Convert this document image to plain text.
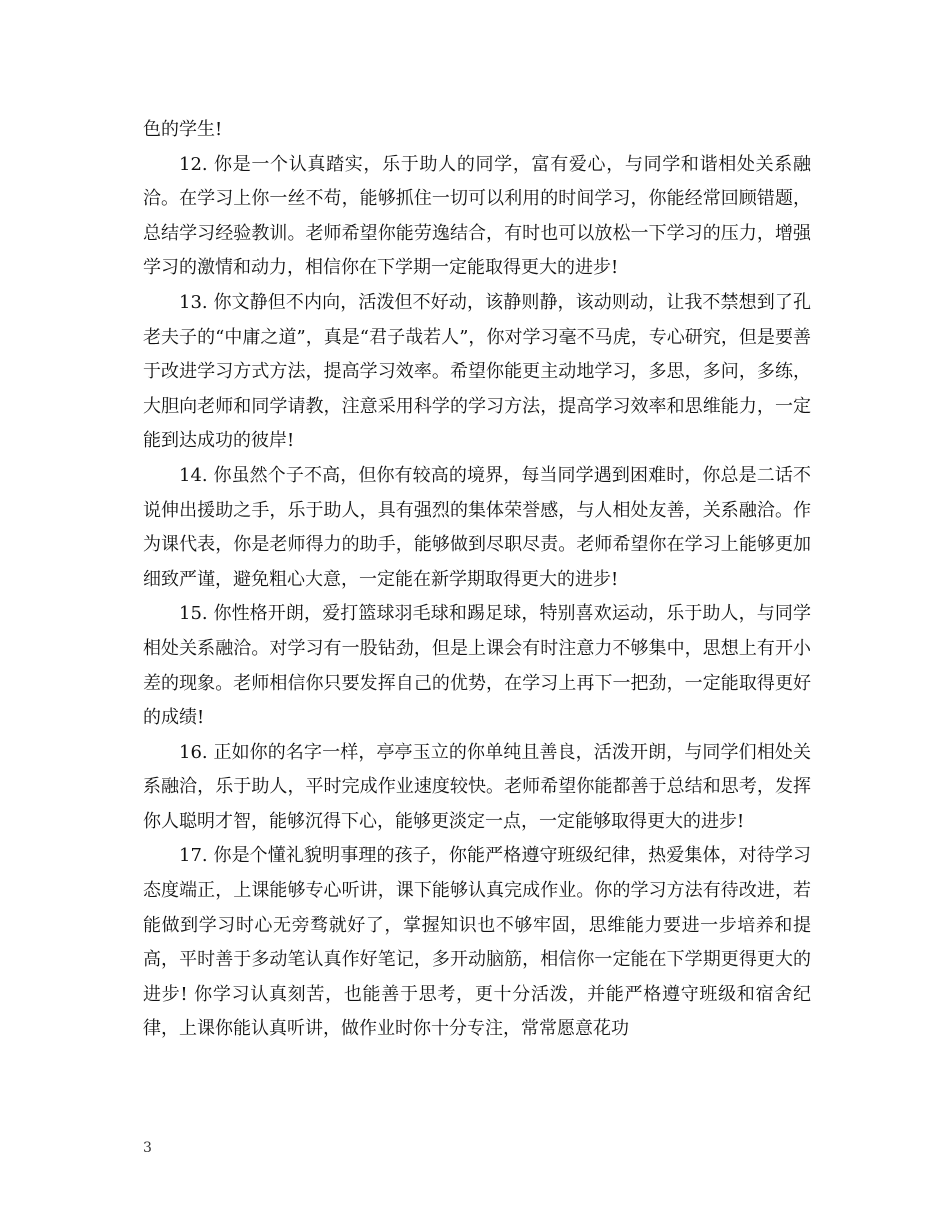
色的学生!

12. 你是一个认真踏实，乐于助人的同学，富有爱心，与同学和谐相处关系融洽。在学习上你一丝不苟，能够抓住一切可以利用的时间学习，你能经常回顾错题，总结学习经验教训。老师希望你能劳逸结合，有时也可以放松一下学习的压力，增强学习的激情和动力，相信你在下学期一定能取得更大的进步!

13. 你文静但不内向，活泼但不好动，该静则静，该动则动，让我不禁想到了孔老夫子的“中庸之道”，真是“君子哉若人”，你对学习毫不马虎，专心研究，但是要善于改进学习方式方法，提高学习效率。希望你能更主动地学习，多思，多问，多练，大胆向老师和同学请教，注意采用科学的学习方法，提高学习效率和思维能力，一定能到达成功的彼岸!

14. 你虽然个子不高，但你有较高的境界，每当同学遇到困难时，你总是二话不说伸出援助之手，乐于助人，具有强烈的集体荣誉感，与人相处友善，关系融洽。作为课代表，你是老师得力的助手，能够做到尽职尽责。老师希望你在学习上能够更加细致严谨，避免粗心大意，一定能在新学期取得更大的进步!

15. 你性格开朗，爱打篮球羽毛球和踢足球，特别喜欢运动，乐于助人，与同学相处关系融洽。对学习有一股钻劲，但是上课会有时注意力不够集中，思想上有开小差的现象。老师相信你只要发挥自己的优势，在学习上再下一把劲，一定能取得更好的成绩!

16. 正如你的名字一样，亭亭玉立的你单纯且善良，活泼开朗，与同学们相处关系融洽，乐于助人，平时完成作业速度较快。老师希望你能都善于总结和思考，发挥你人聪明才智，能够沉得下心，能够更淡定一点，一定能够取得更大的进步!

17. 你是个懂礼貌明事理的孩子，你能严格遵守班级纪律，热爱集体，对待学习态度端正，上课能够专心听讲，课下能够认真完成作业。你的学习方法有待改进，若能做到学习时心无旁骛就好了，掌握知识也不够牢固，思维能力要进一步培养和提高，平时善于多动笔认真作好笔记，多开动脑筋，相信你一定能在下学期更得更大的进步! 你学习认真刻苦，也能善于思考，更十分活泼，并能严格遵守班级和宿舍纪律，上课你能认真听讲，做作业时你十分专注，常常愿意花功

3
